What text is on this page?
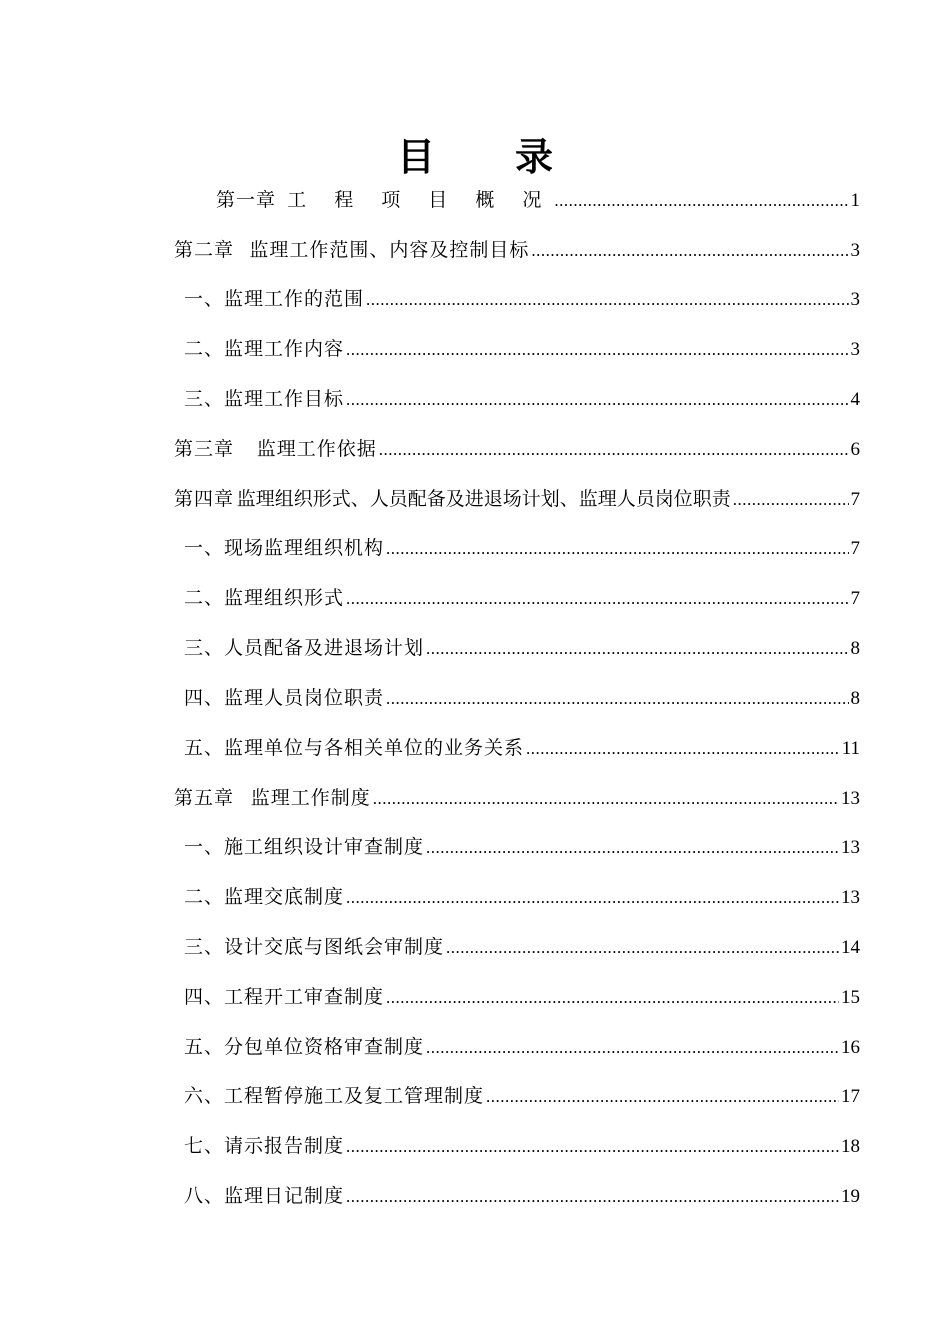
目录
第一章 工 程 项 目 概 况 .....	1
第二章 监理工作范围、内容及控制目标 .....	3
一、监理工作的范围 .....	3
二、监理工作内容 .....	3
三、监理工作目标 .....	4
第三章 监理工作依据 .....	6
第四章 监理组织形式、人员配备及进退场计划、监理人员岗位职责 .....	7
一、现场监理组织机构 .....	7
二、监理组织形式 .....	7
三、人员配备及进退场计划 .....	8
四、监理人员岗位职责 .....	8
五、监理单位与各相关单位的业务关系 .....	11
第五章 监理工作制度 .....	13
一、施工组织设计审查制度 .....	13
二、监理交底制度 .....	13
三、设计交底与图纸会审制度 .....	14
四、工程开工审查制度 .....	15
五、分包单位资格审查制度 .....	16
六、工程暂停施工及复工管理制度 .....	17
七、请示报告制度 .....	18
八、监理日记制度 .....	19
